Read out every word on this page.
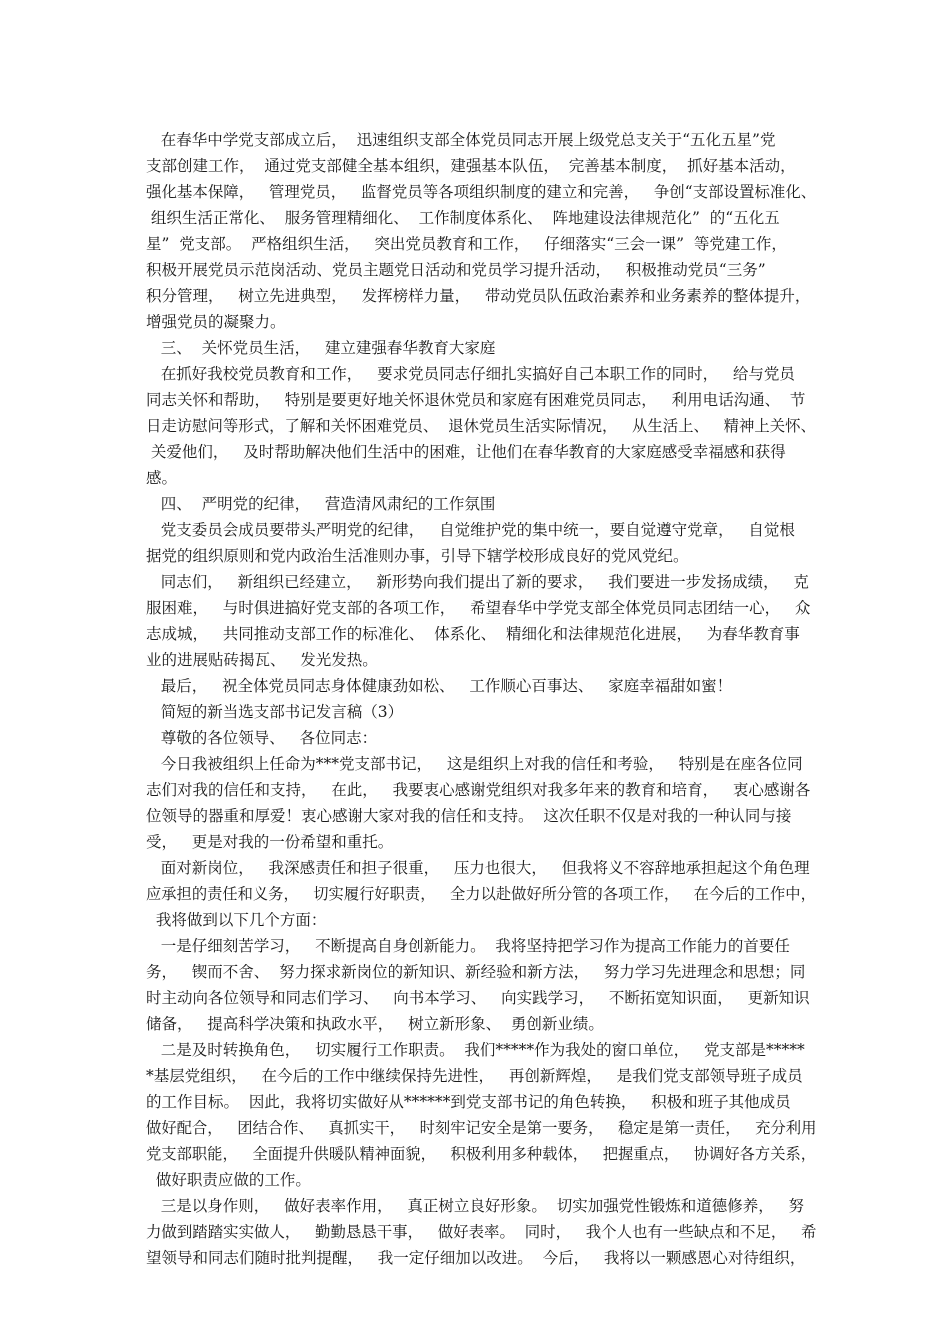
在春华中学党支部成立后，  迅速组织支部全体党员同志开展上级党总支关于“五化五星”党
支部创建工作，  通过党支部健全基本组织，建强基本队伍，  完善基本制度，  抓好基本活动，
强化基本保障，   管理党员，   监督党员等各项组织制度的建立和完善，   争创“支部设置标准化、
组织生活正常化、  服务管理精细化、  工作制度体系化、  阵地建设法律规范化”  的“五化五
星”  党支部。  严格组织生活，   突出党员教育和工作，   仔细落实“三会一课”  等党建工作，
积极开展党员示范岗活动、党员主题党日活动和党员学习提升活动，   积极推动党员“三务”
积分管理，   树立先进典型，   发挥榜样力量，   带动党员队伍政治素养和业务素养的整体提升，
增强党员的凝聚力。
三、  关怀党员生活，   建立建强春华教育大家庭
在抓好我校党员教育和工作，   要求党员同志仔细扎实搞好自己本职工作的同时，   给与党员
同志关怀和帮助，   特别是要更好地关怀退休党员和家庭有困难党员同志，   利用电话沟通、  节
日走访慰问等形式，了解和关怀困难党员、  退休党员生活实际情况，   从生活上、   精神上关怀、
关爱他们，   及时帮助解决他们生活中的困难，让他们在春华教育的大家庭感受幸福感和获得
感。
四、  严明党的纪律，   营造清风肃纪的工作氛围
党支委员会成员要带头严明党的纪律，   自觉维护党的集中统一，要自觉遵守党章，   自觉根
据党的组织原则和党内政治生活准则办事，引导下辖学校形成良好的党风党纪。
同志们，   新组织已经建立，   新形势向我们提出了新的要求，   我们要进一步发扬成绩，   克
服困难，   与时俱进搞好党支部的各项工作，   希望春华中学党支部全体党员同志团结一心，   众
志成城，   共同推动支部工作的标准化、  体系化、  精细化和法律规范化进展，   为春华教育事
业的进展贴砖揭瓦、   发光发热。
最后，   祝全体党员同志身体健康劲如松、   工作顺心百事达、   家庭幸福甜如蜜！
简短的新当选支部书记发言稿（3）
尊敬的各位领导、   各位同志：
今日我被组织上任命为***党支部书记，   这是组织上对我的信任和考验，   特别是在座各位同
志们对我的信任和支持，   在此，   我要衷心感谢党组织对我多年来的教育和培育，   衷心感谢各
位领导的器重和厚爱！衷心感谢大家对我的信任和支持。  这次任职不仅是对我的一种认同与接
受，   更是对我的一份希望和重托。
面对新岗位，   我深感责任和担子很重，   压力也很大，   但我将义不容辞地承担起这个角色理
应承担的责任和义务，   切实履行好职责，   全力以赴做好所分管的各项工作，   在今后的工作中，
我将做到以下几个方面：
一是仔细刻苦学习，   不断提高自身创新能力。  我将坚持把学习作为提高工作能力的首要任
务，   锲而不舍、  努力探求新岗位的新知识、新经验和新方法，   努力学习先进理念和思想；同
时主动向各位领导和同志们学习、   向书本学习、   向实践学习，   不断拓宽知识面，   更新知识
储备，   提高科学决策和执政水平，   树立新形象、  勇创新业绩。
二是及时转换角色，   切实履行工作职责。  我们*****作为我处的窗口单位，   党支部是*****
*基层党组织，   在今后的工作中继续保持先进性，   再创新辉煌，   是我们党支部领导班子成员
的工作目标。  因此，我将切实做好从******到党支部书记的角色转换，   积极和班子其他成员
做好配合，   团结合作、   真抓实干，   时刻牢记安全是第一要务，   稳定是第一责任，   充分利用
党支部职能，   全面提升供暖队精神面貌，   积极利用多种载体，   把握重点，   协调好各方关系，
做好职责应做的工作。
三是以身作则，   做好表率作用，   真正树立良好形象。  切实加强党性锻炼和道德修养，   努
力做到踏踏实实做人，   勤勤恳恳干事，   做好表率。  同时，   我个人也有一些缺点和不足，   希
望领导和同志们随时批判提醒，   我一定仔细加以改进。  今后，   我将以一颗感恩心对待组织，
